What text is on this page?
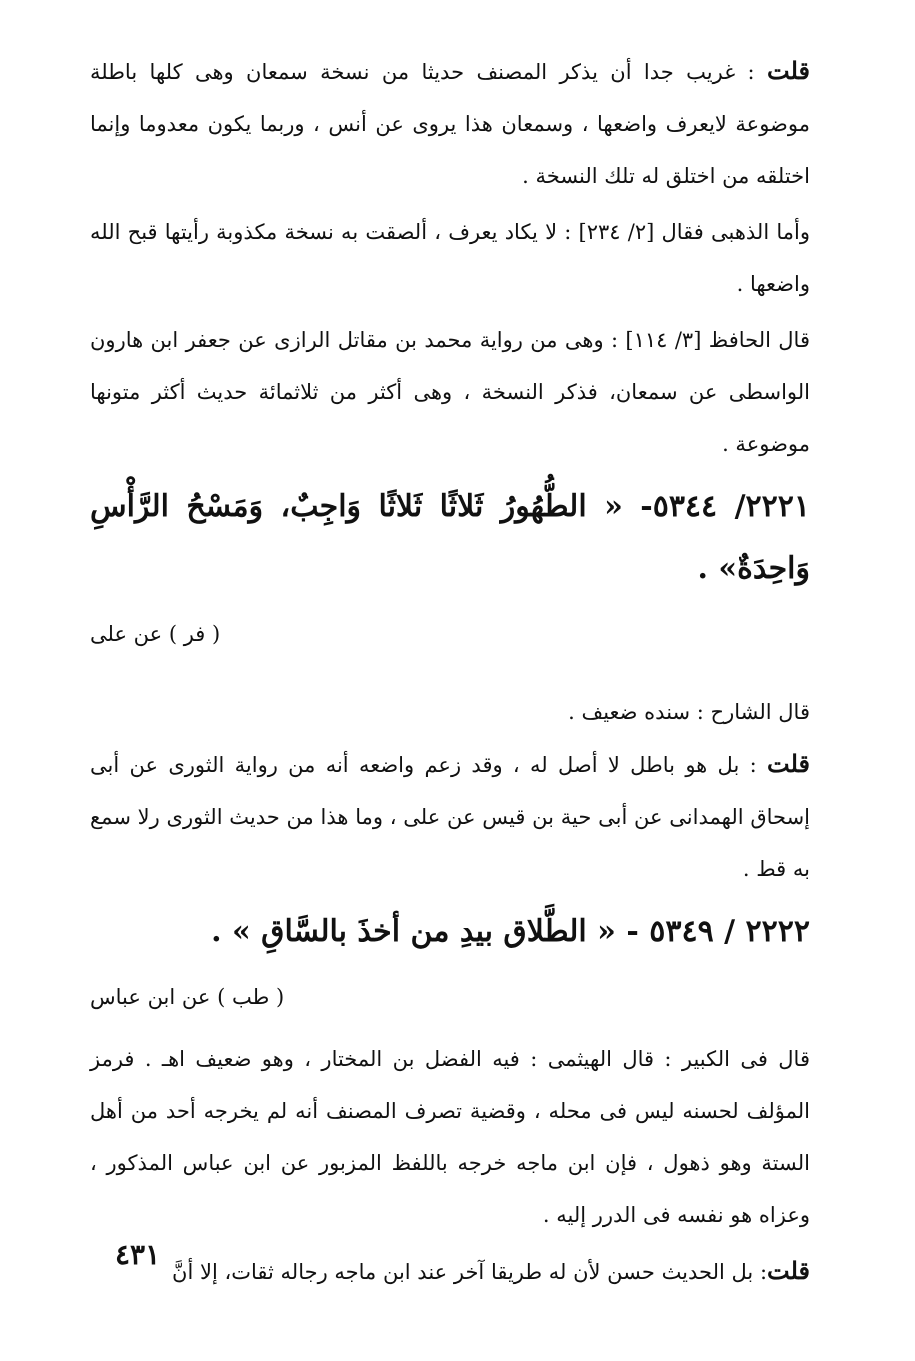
قلت : غريب جدا أن يذكر المصنف حديثا من نسخة سمعان وهى كلها باطلة موضوعة لايعرف واضعها ، وسمعان هذا يروى عن أنس ، وربما يكون معدوما وإنما اختلقه من اختلق له تلك النسخة .

وأما الذهبى فقال [٢/ ٢٣٤] : لا يكاد يعرف ، ألصقت به نسخة مكذوبة رأيتها قبح الله واضعها .

قال الحافظ [٣/ ١١٤] : وهى من رواية محمد بن مقاتل الرازى عن جعفر ابن هارون الواسطى عن سمعان، فذكر النسخة ، وهى أكثر من ثلاثمائة حديث أكثر متونها موضوعة .

٢٢٢١/ ٥٣٤٤- « الطُّهُورُ ثَلاثًا ثَلاثًا وَاجِبٌ، وَمَسْحُ الرَّأْسِ وَاحِدَةٌ» .

( فر ) عن على

قال الشارح : سنده ضعيف .

قلت : بل هو باطل لا أصل له ، وقد زعم واضعه أنه من رواية الثورى عن أبى إسحاق الهمدانى عن أبى حية بن قيس عن على ، وما هذا من حديث الثورى رلا سمع به قط .

٢٢٢٢ / ٥٣٤٩ - « الطَّلاق بيدِ من أخذَ بالسَّاقِ » .

( طب ) عن ابن عباس

قال فى الكبير : قال الهيثمى : فيه الفضل بن المختار ، وهو ضعيف اهـ . فرمز المؤلف لحسنه ليس فى محله ، وقضية تصرف المصنف أنه لم يخرجه أحد من أهل الستة وهو ذهول ، فإن ابن ماجه خرجه باللفظ المزبور عن ابن عباس المذكور ، وعزاه هو نفسه فى الدرر إليه .

قلت: بل الحديث حسن لأن له طريقا آخر عند ابن ماجه رجاله ثقات، إلا أنَّ

٤٣١
